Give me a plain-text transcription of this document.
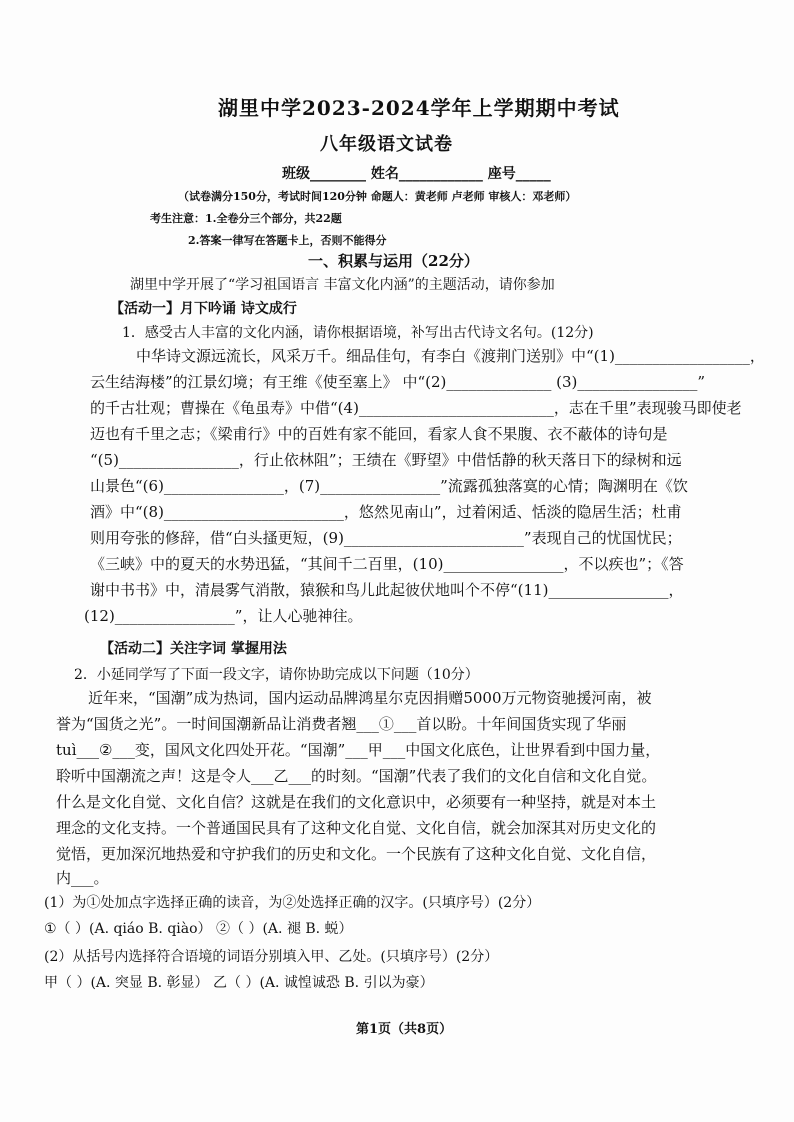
湖里中学2023-2024学年上学期期中考试
八年级语文试卷
班级________ 姓名____________ 座号_____
（试卷满分150分，考试时间120分钟 命题人：黄老师 卢老师 审核人：邓老师）
考生注意：1.全卷分三个部分，共22题
2.答案一律写在答题卡上，否则不能得分
一、积累与运用（22分）
湖里中学开展了“学习祖国语言 丰富文化内涵”的主题活动，请你参加
【活动一】月下吟诵 诗文成行
1．感受古人丰富的文化内涵，请你根据语境，补写出古代诗文名句。(12分)
中华诗文源远流长，风采万千。细品佳句，有李白《渡荆门送别》中“(1)__________________，
云生结海楼”的江景幻境；有王维《使至塞上》 中“(2)______________ (3)________________”
的千古壮观；曹操在《龟虽寿》中借“(4)__________________________，志在千里”表现骏马即使老
迈也有千里之志；《梁甫行》中的百姓有家不能回，看家人食不果腹、衣不蔽体的诗句是
“(5)________________，行止依林阻”；王绩在《野望》中借恬静的秋天落日下的绿树和远
山景色“(6)________________，(7)________________”流露孤独落寞的心情；陶渊明在《饮
酒》中“(8)________________________，悠然见南山”，过着闲适、恬淡的隐居生活；杜甫
则用夸张的修辞，借“白头搔更短，(9)________________________”表现自己的忧国忧民；
《三峡》中的夏天的水势迅猛，“其间千二百里，(10)________________，不以疾也”；《答
谢中书书》中，清晨雾气消散，猿猴和鸟儿此起彼伏地叫个不停“(11)________________，
(12)________________”，让人心驰神往。
【活动二】关注字词 掌握用法
2．小延同学写了下面一段文字，请你协助完成以下问题（10分）
近年来，“国潮”成为热词，国内运动品牌鸿星尔克因捐赠5000万元物资驰援河南，被
誉为“国货之光”。一时间国潮新品让消费者翘___①___首以盼。十年间国货实现了华丽
tuì___②___变，国风文化四处开花。“国潮”___甲___中国文化底色，让世界看到中国力量，
聆听中国潮流之声！这是令人___乙___的时刻。“国潮”代表了我们的文化自信和文化自觉。
什么是文化自觉、文化自信？这就是在我们的文化意识中，必须要有一种坚持，就是对本土
理念的文化支持。一个普通国民具有了这种文化自觉、文化自信，就会加深其对历史文化的
觉悟，更加深沉地热爱和守护我们的历史和文化。一个民族有了这种文化自觉、文化自信，
内___。
(1）为①处加点字选择正确的读音，为②处选择正确的汉字。(只填序号）(2分）
①（ ）(A. qiáo B. qiào） ②（ ）(A. 褪 B. 蜕）
(2）从括号内选择符合语境的词语分别填入甲、乙处。(只填序号）(2分）
甲（ ）(A. 突显 B. 彰显） 乙（ ）(A. 诚惶诚恐 B. 引以为豪）
第1页（共8页）
